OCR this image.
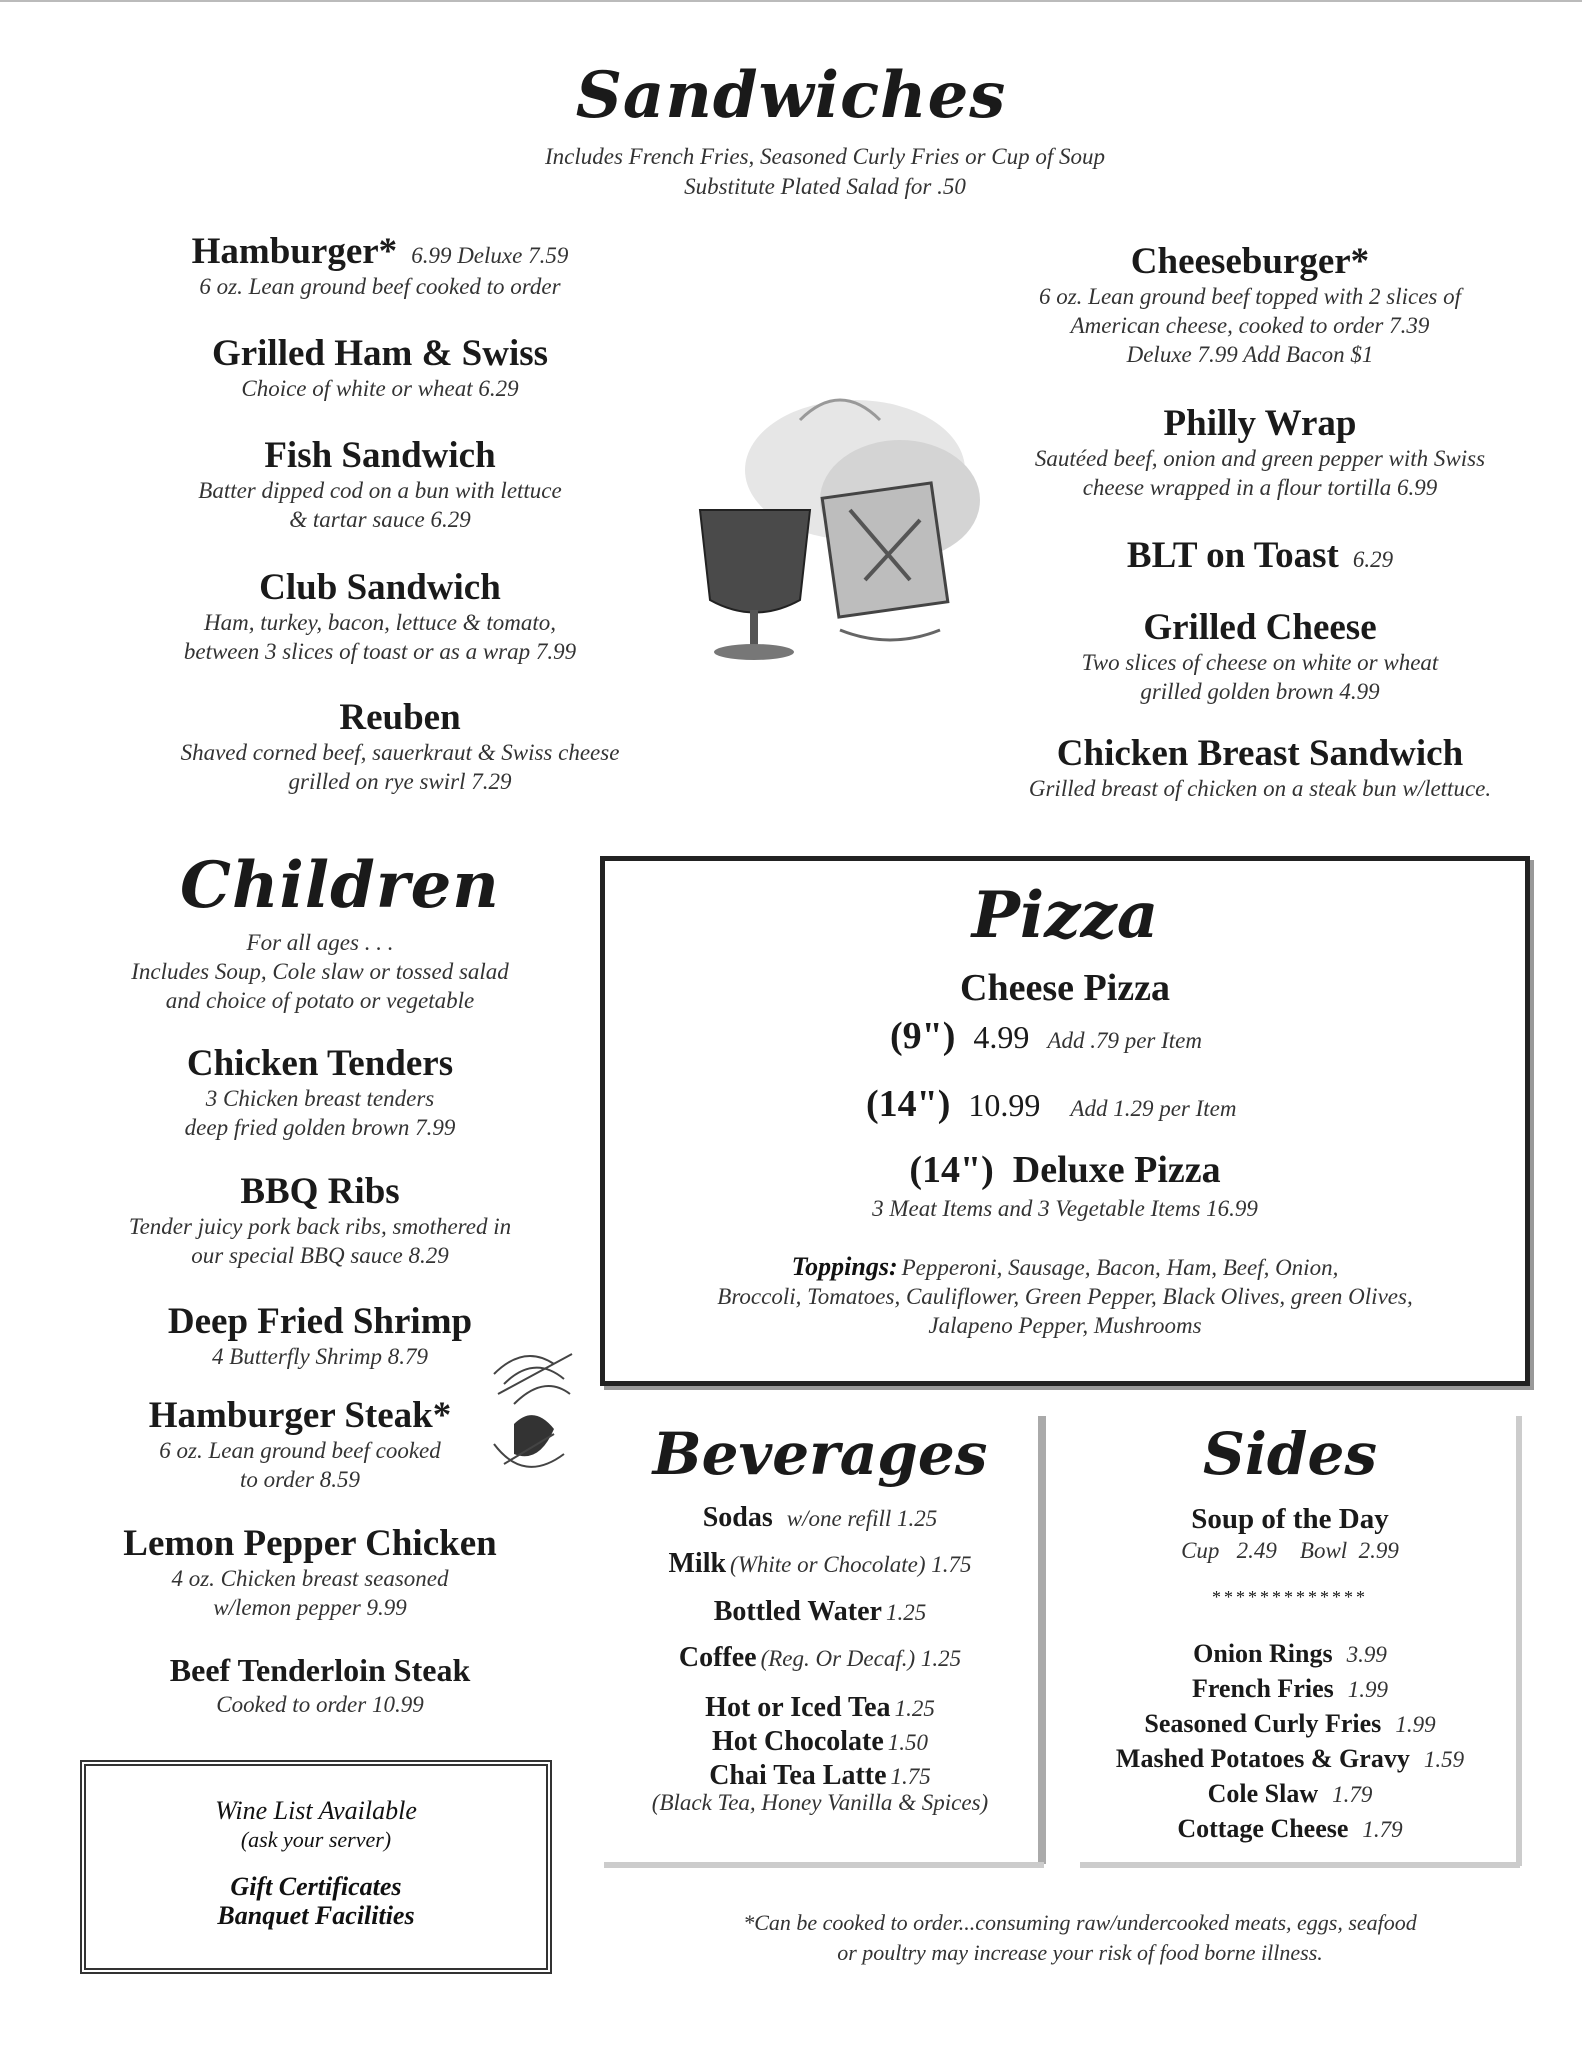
Sandwiches
Includes French Fries, Seasoned Curly Fries or Cup of Soup
Substitute Plated Salad for .50
Hamburger* 6.99 Deluxe 7.59
6 oz. Lean ground beef cooked to order
Grilled Ham & Swiss
Choice of white or wheat 6.29
Fish Sandwich
Batter dipped cod on a bun with lettuce
& tartar sauce 6.29
Club Sandwich
Ham, turkey, bacon, lettuce & tomato,
between 3 slices of toast or as a wrap 7.99
Reuben
Shaved corned beef, sauerkraut & Swiss cheese
grilled on rye swirl 7.29
Cheeseburger*
6 oz. Lean ground beef topped with 2 slices of
American cheese, cooked to order 7.39
Deluxe 7.99 Add Bacon $1
Philly Wrap
Sautéed beef, onion and green pepper with Swiss
cheese wrapped in a flour tortilla 6.99
BLT on Toast 6.29
Grilled Cheese
Two slices of cheese on white or wheat
grilled golden brown 4.99
Chicken Breast Sandwich
Grilled breast of chicken on a steak bun w/lettuce.
Children
For all ages . . .
Includes Soup, Cole slaw or tossed salad
and choice of potato or vegetable
Chicken Tenders
3 Chicken breast tenders
deep fried golden brown 7.99
BBQ Ribs
Tender juicy pork back ribs, smothered in
our special BBQ sauce 8.29
Deep Fried Shrimp
4 Butterfly Shrimp 8.79
Hamburger Steak*
6 oz. Lean ground beef cooked
to order 8.59
Lemon Pepper Chicken
4 oz. Chicken breast seasoned
w/lemon pepper 9.99
Beef Tenderloin Steak
Cooked to order 10.99
Wine List Available
(ask your server)
Gift Certificates
Banquet Facilities
Pizza
Cheese Pizza
(9") 4.99 Add .79 per Item
(14") 10.99 Add 1.29 per Item
(14")  Deluxe Pizza
3 Meat Items and 3 Vegetable Items 16.99
Toppings: Pepperoni, Sausage, Bacon, Ham, Beef, Onion,
Broccoli, Tomatoes, Cauliflower, Green Pepper, Black Olives, green Olives,
Jalapeno Pepper, Mushrooms
Beverages
Sodas w/one refill 1.25
Milk (White or Chocolate) 1.75
Bottled Water 1.25
Coffee (Reg. Or Decaf.) 1.25
Hot or Iced Tea 1.25
Hot Chocolate 1.50
Chai Tea Latte 1.75
(Black Tea, Honey Vanilla & Spices)
Sides
Soup of the Day
Cup   2.49    Bowl  2.99
*************
Onion Rings 3.99
French Fries 1.99
Seasoned Curly Fries 1.99
Mashed Potatoes & Gravy 1.59
Cole Slaw 1.79
Cottage Cheese 1.79
*Can be cooked to order...consuming raw/undercooked meats, eggs, seafood
or poultry may increase your risk of food borne illness.
